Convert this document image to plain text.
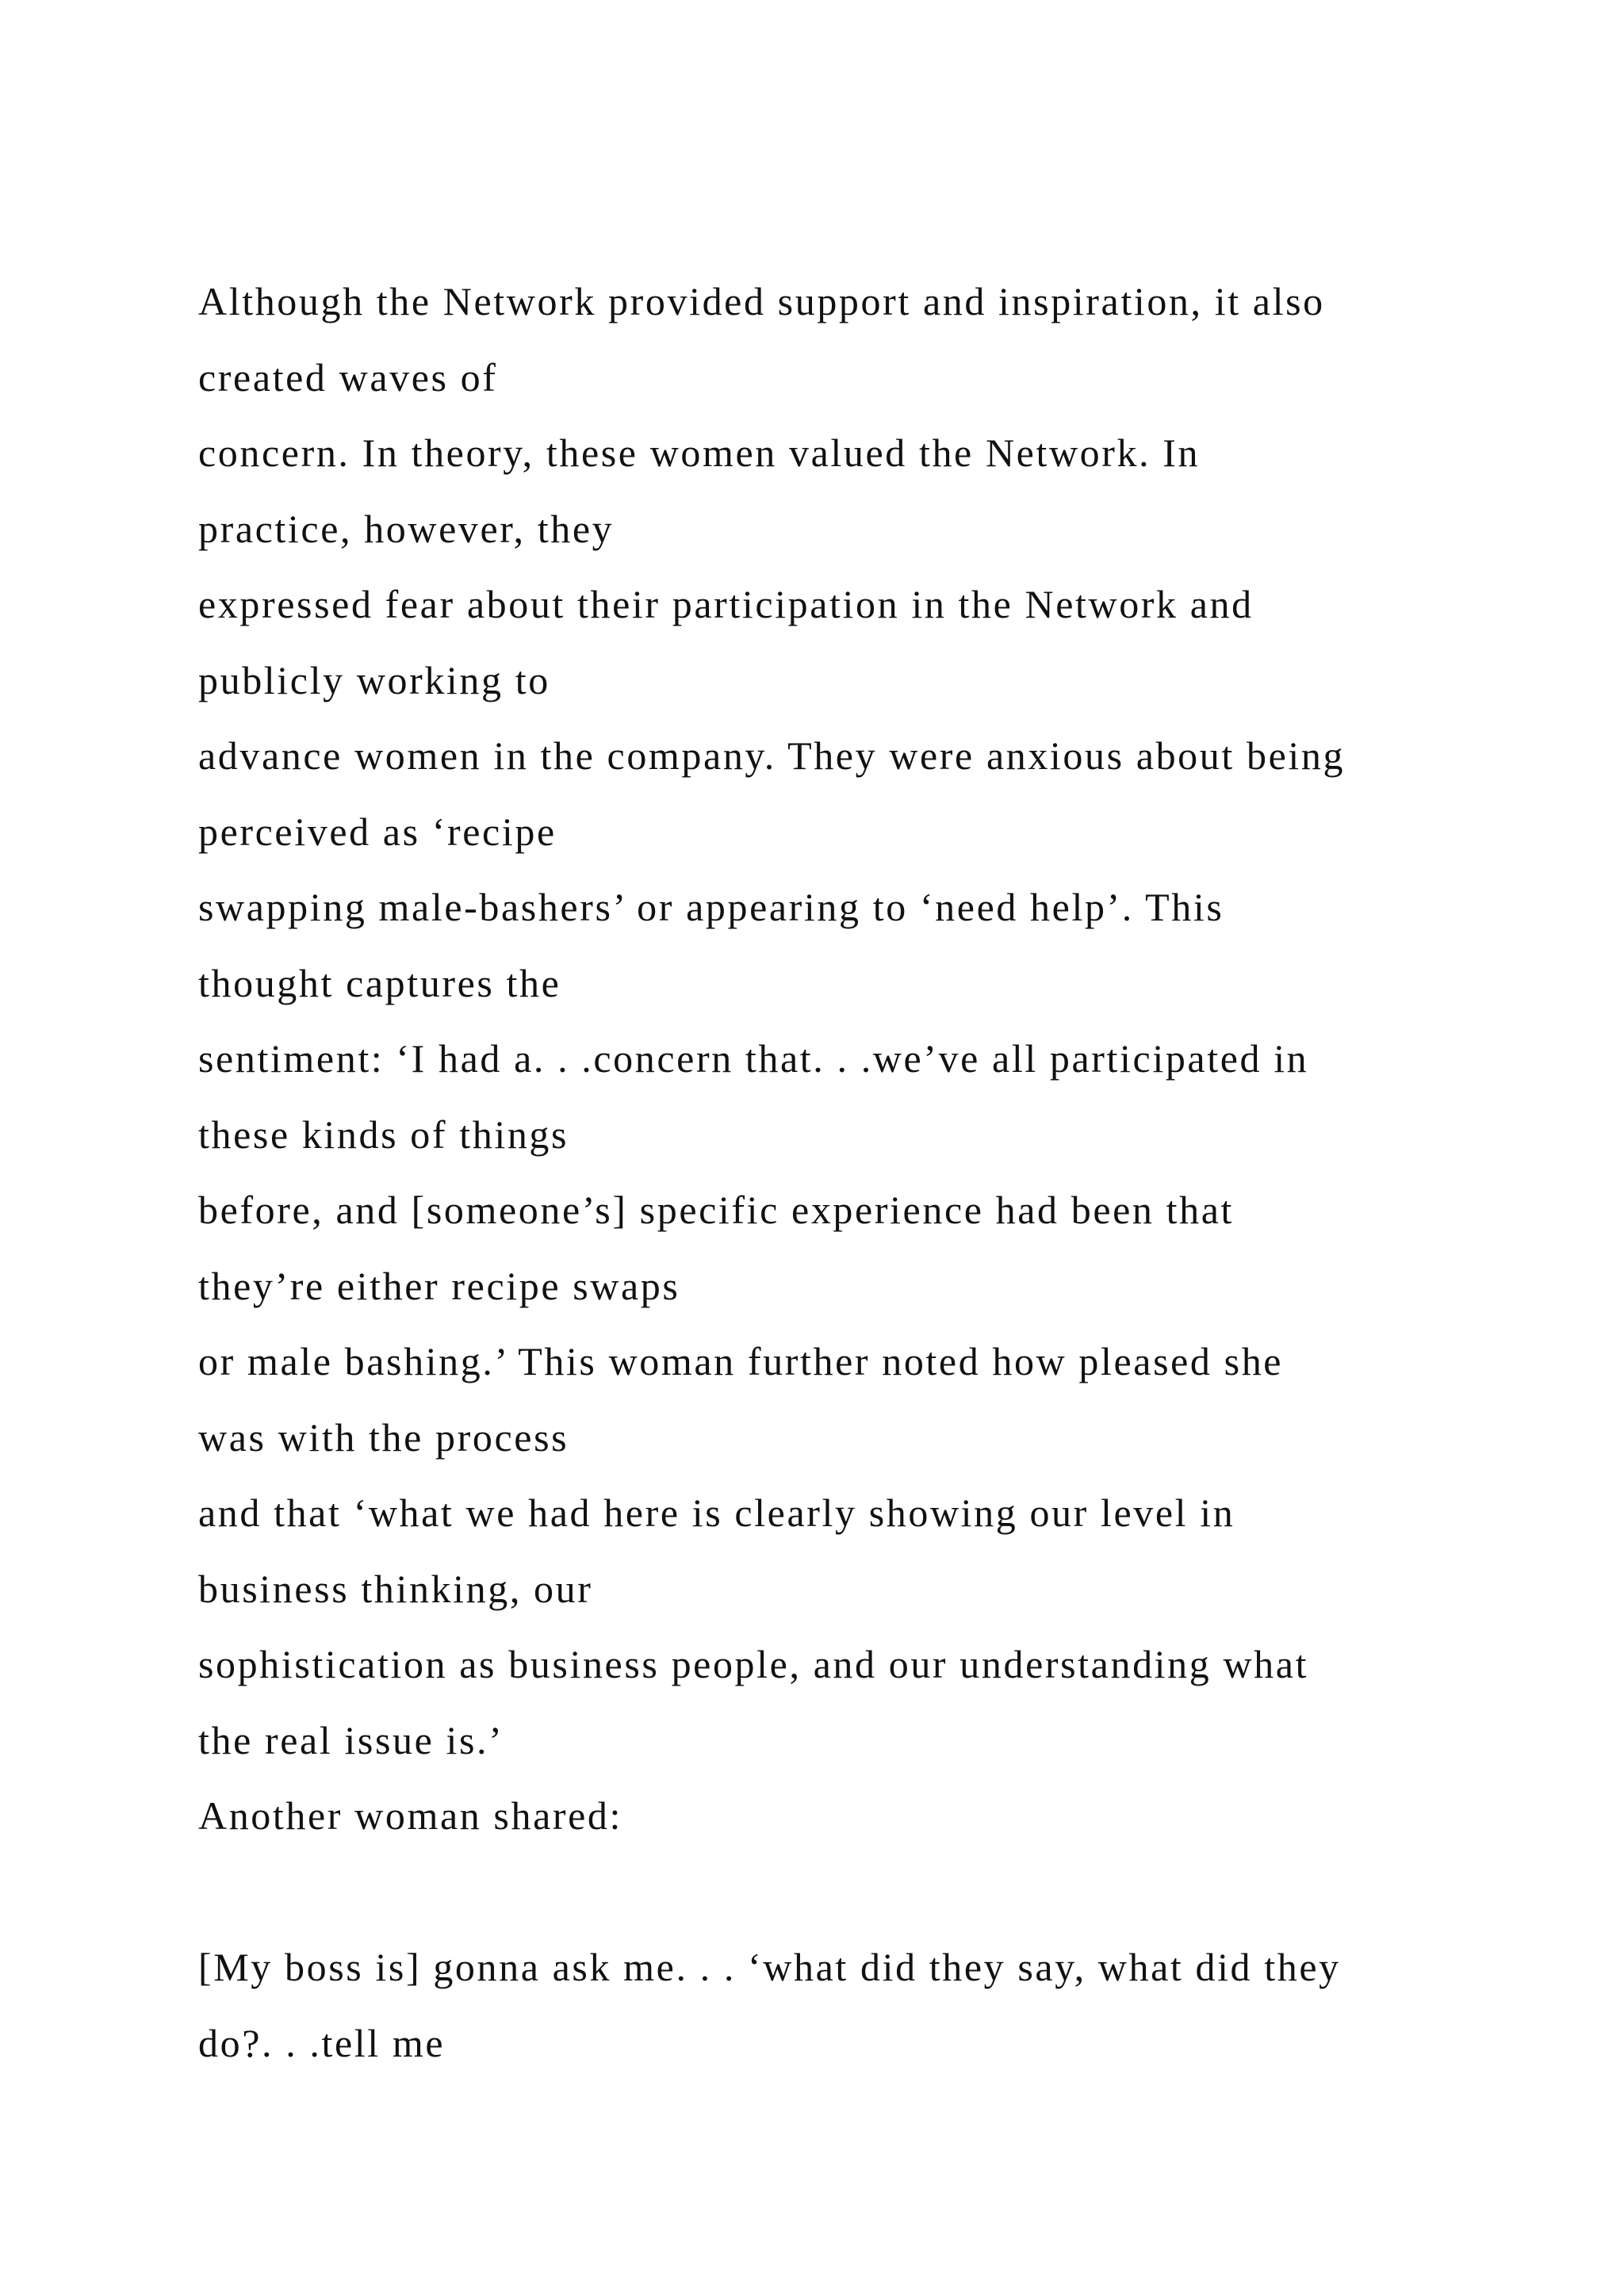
Although the Network provided support and inspiration, it also
created waves of
concern. In theory, these women valued the Network. In
practice, however, they
expressed fear about their participation in the Network and
publicly working to
advance women in the company. They were anxious about being
perceived as ‘recipe
swapping male-bashers’ or appearing to ‘need help’. This
thought captures the
sentiment: ‘I had a. . .concern that. . .we’ve all participated in
these kinds of things
before, and [someone’s] specific experience had been that
they’re either recipe swaps
or male bashing.’ This woman further noted how pleased she
was with the process
and that ‘what we had here is clearly showing our level in
business thinking, our
sophistication as business people, and our understanding what
the real issue is.’
Another woman shared:
[My boss is] gonna ask me. . . ‘what did they say, what did they
do?. . .tell me
